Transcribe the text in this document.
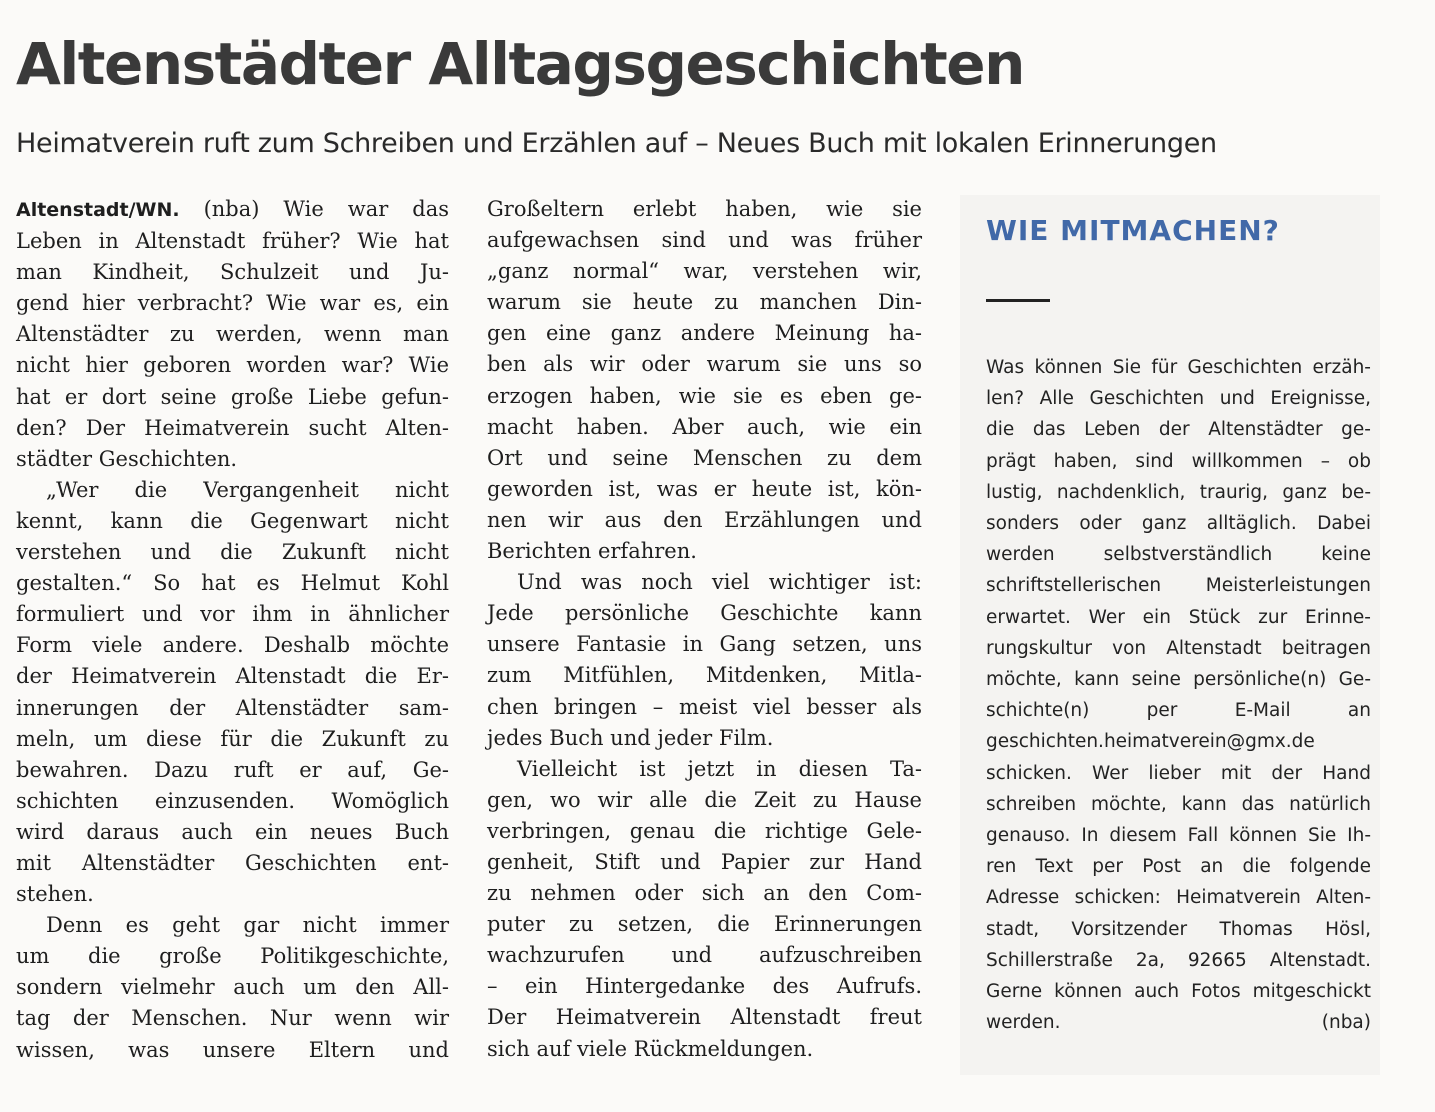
Altenstädter Alltagsgeschichten

Heimatverein ruft zum Schreiben und Erzählen auf – Neues Buch mit lokalen Erinnerungen

Altenstadt/WN. (nba) Wie war das
Leben in Altenstadt früher? Wie hat
man Kindheit, Schulzeit und Ju-
gend hier verbracht? Wie war es, ein
Altenstädter zu werden, wenn man
nicht hier geboren worden war? Wie
hat er dort seine große Liebe gefun-
den? Der Heimatverein sucht Alten-
städter Geschichten.
„Wer die Vergangenheit nicht
kennt, kann die Gegenwart nicht
verstehen und die Zukunft nicht
gestalten.“ So hat es Helmut Kohl
formuliert und vor ihm in ähnlicher
Form viele andere. Deshalb möchte
der Heimatverein Altenstadt die Er-
innerungen der Altenstädter sam-
meln, um diese für die Zukunft zu
bewahren. Dazu ruft er auf, Ge-
schichten einzusenden. Womöglich
wird daraus auch ein neues Buch
mit Altenstädter Geschichten ent-
stehen.
Denn es geht gar nicht immer
um die große Politikgeschichte,
sondern vielmehr auch um den All-
tag der Menschen. Nur wenn wir
wissen, was unsere Eltern und
Großeltern erlebt haben, wie sie
aufgewachsen sind und was früher
„ganz normal“ war, verstehen wir,
warum sie heute zu manchen Din-
gen eine ganz andere Meinung ha-
ben als wir oder warum sie uns so
erzogen haben, wie sie es eben ge-
macht haben. Aber auch, wie ein
Ort und seine Menschen zu dem
geworden ist, was er heute ist, kön-
nen wir aus den Erzählungen und
Berichten erfahren.
Und was noch viel wichtiger ist:
Jede persönliche Geschichte kann
unsere Fantasie in Gang setzen, uns
zum Mitfühlen, Mitdenken, Mitla-
chen bringen – meist viel besser als
jedes Buch und jeder Film.
Vielleicht ist jetzt in diesen Ta-
gen, wo wir alle die Zeit zu Hause
verbringen, genau die richtige Gele-
genheit, Stift und Papier zur Hand
zu nehmen oder sich an den Com-
puter zu setzen, die Erinnerungen
wachzurufen und aufzuschreiben
– ein Hintergedanke des Aufrufs.
Der Heimatverein Altenstadt freut
sich auf viele Rückmeldungen.
WIE MITMACHEN?
Was können Sie für Geschichten erzäh-
len? Alle Geschichten und Ereignisse,
die das Leben der Altenstädter ge-
prägt haben, sind willkommen – ob
lustig, nachdenklich, traurig, ganz be-
sonders oder ganz alltäglich. Dabei
werden selbstverständlich keine
schriftstellerischen Meisterleistungen
erwartet. Wer ein Stück zur Erinne-
rungskultur von Altenstadt beitragen
möchte, kann seine persönliche(n) Ge-
schichte(n) per E-Mail an
geschichten.heimatverein@gmx.de
schicken. Wer lieber mit der Hand
schreiben möchte, kann das natürlich
genauso. In diesem Fall können Sie Ih-
ren Text per Post an die folgende
Adresse schicken: Heimatverein Alten-
stadt, Vorsitzender Thomas Hösl,
Schillerstraße 2a, 92665 Altenstadt.
Gerne können auch Fotos mitgeschickt
werden. (nba)
